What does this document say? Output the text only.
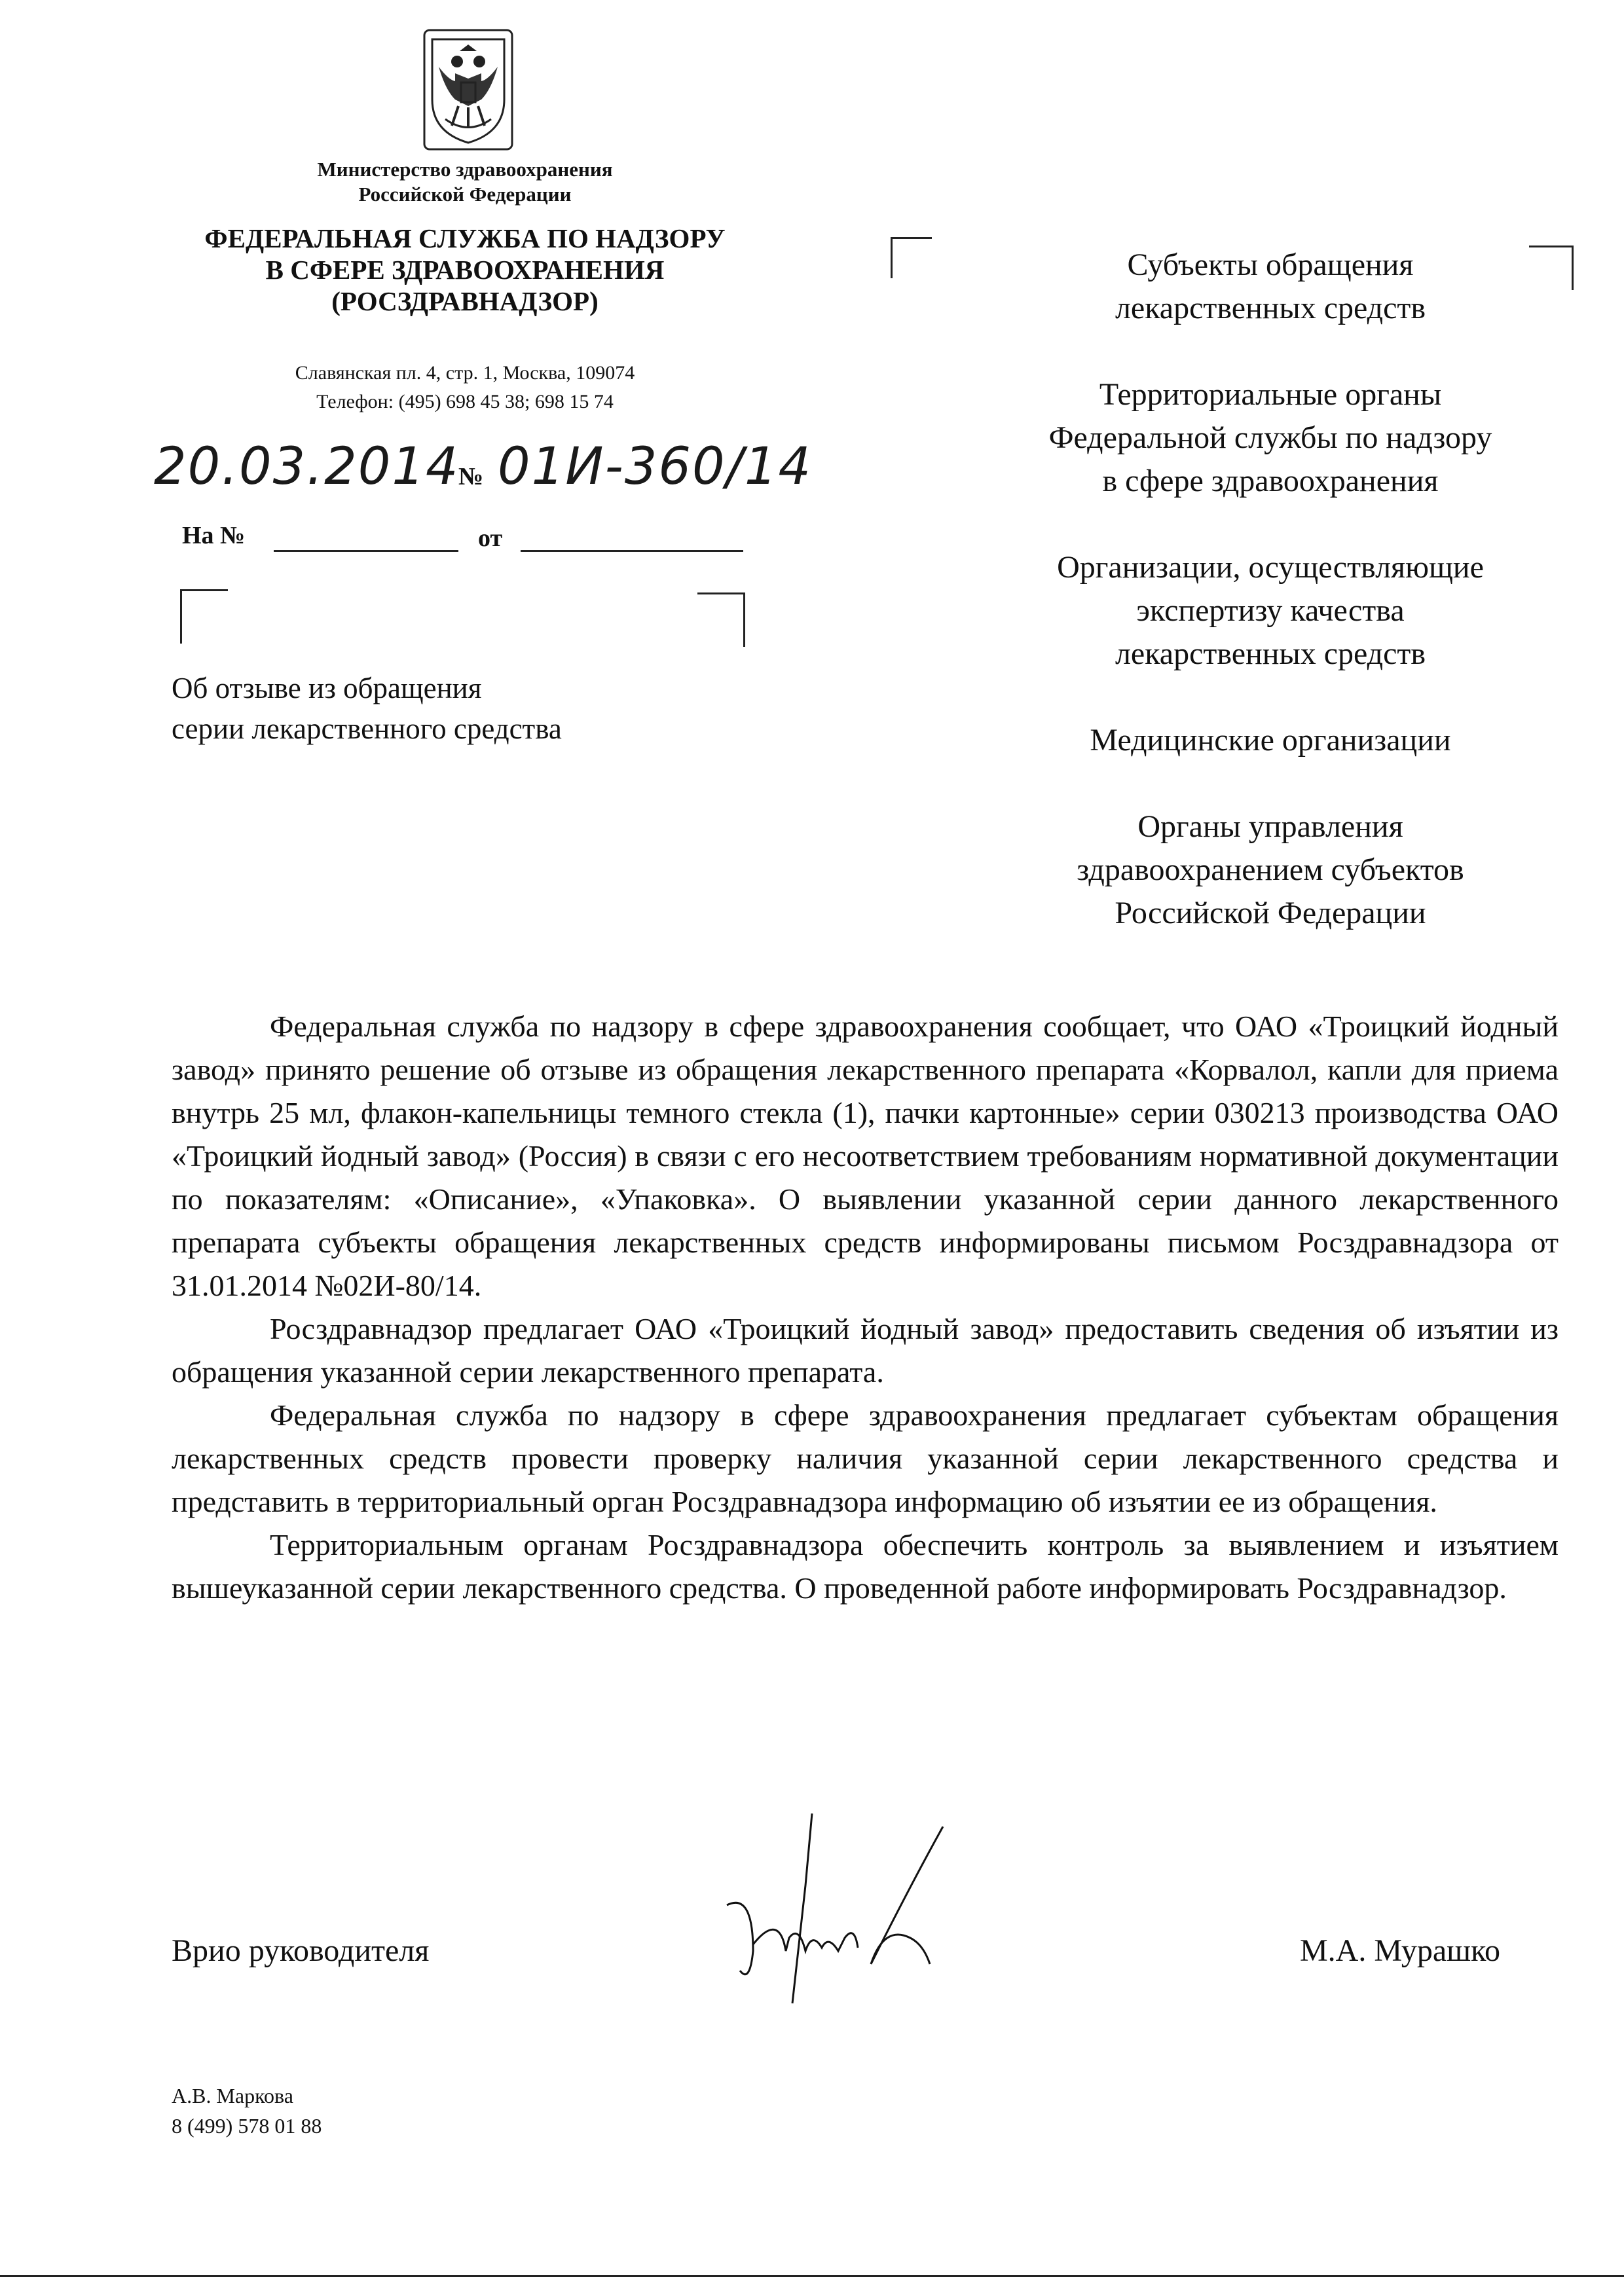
Министерство здравоохранения
Российской Федерации
ФЕДЕРАЛЬНАЯ СЛУЖБА ПО НАДЗОРУ
В СФЕРЕ ЗДРАВООХРАНЕНИЯ
(РОСЗДРАВНАДЗОР)
Славянская пл. 4, стр. 1, Москва, 109074
Телефон: (495) 698 45 38; 698 15 74
20.03.2014
№ 01И-360/14
На №	от
Об отзыве из обращения
серии лекарственного средства

Субъекты обращения
лекарственных средств

Территориальные органы
Федеральной службы по надзору
в сфере здравоохранения

Организации, осуществляющие
экспертизу качества
лекарственных средств

Медицинские организации

Органы управления
здравоохранением субъектов
Российской Федерации

Федеральная служба по надзору в сфере здравоохранения сообщает, что ОАО «Троицкий йодный завод» принято решение об отзыве из обращения лекарственного препарата «Корвалол, капли для приема внутрь 25 мл, флакон-капельницы темного стекла (1), пачки картонные» серии 030213 производства ОАО «Троицкий йодный завод» (Россия) в связи с его несоответствием требованиям нормативной документации по показателям: «Описание», «Упаковка». О выявлении указанной серии данного лекарственного препарата субъекты обращения лекарственных средств информированы письмом Росздравнадзора от 31.01.2014 №02И-80/14.

Росздравнадзор предлагает ОАО «Троицкий йодный завод» предоставить сведения об изъятии из обращения указанной серии лекарственного препарата.

Федеральная служба по надзору в сфере здравоохранения предлагает субъектам обращения лекарственных средств провести проверку наличия указанной серии лекарственного средства и представить в территориальный орган Росздравнадзора информацию об изъятии ее из обращения.

Территориальным органам Росздравнадзора обеспечить контроль за выявлением и изъятием вышеуказанной серии лекарственного средства. О проведенной работе информировать Росздравнадзор.

Врио руководителя	М.А. Мурашко
А.В. Маркова
8 (499) 578 01 88
